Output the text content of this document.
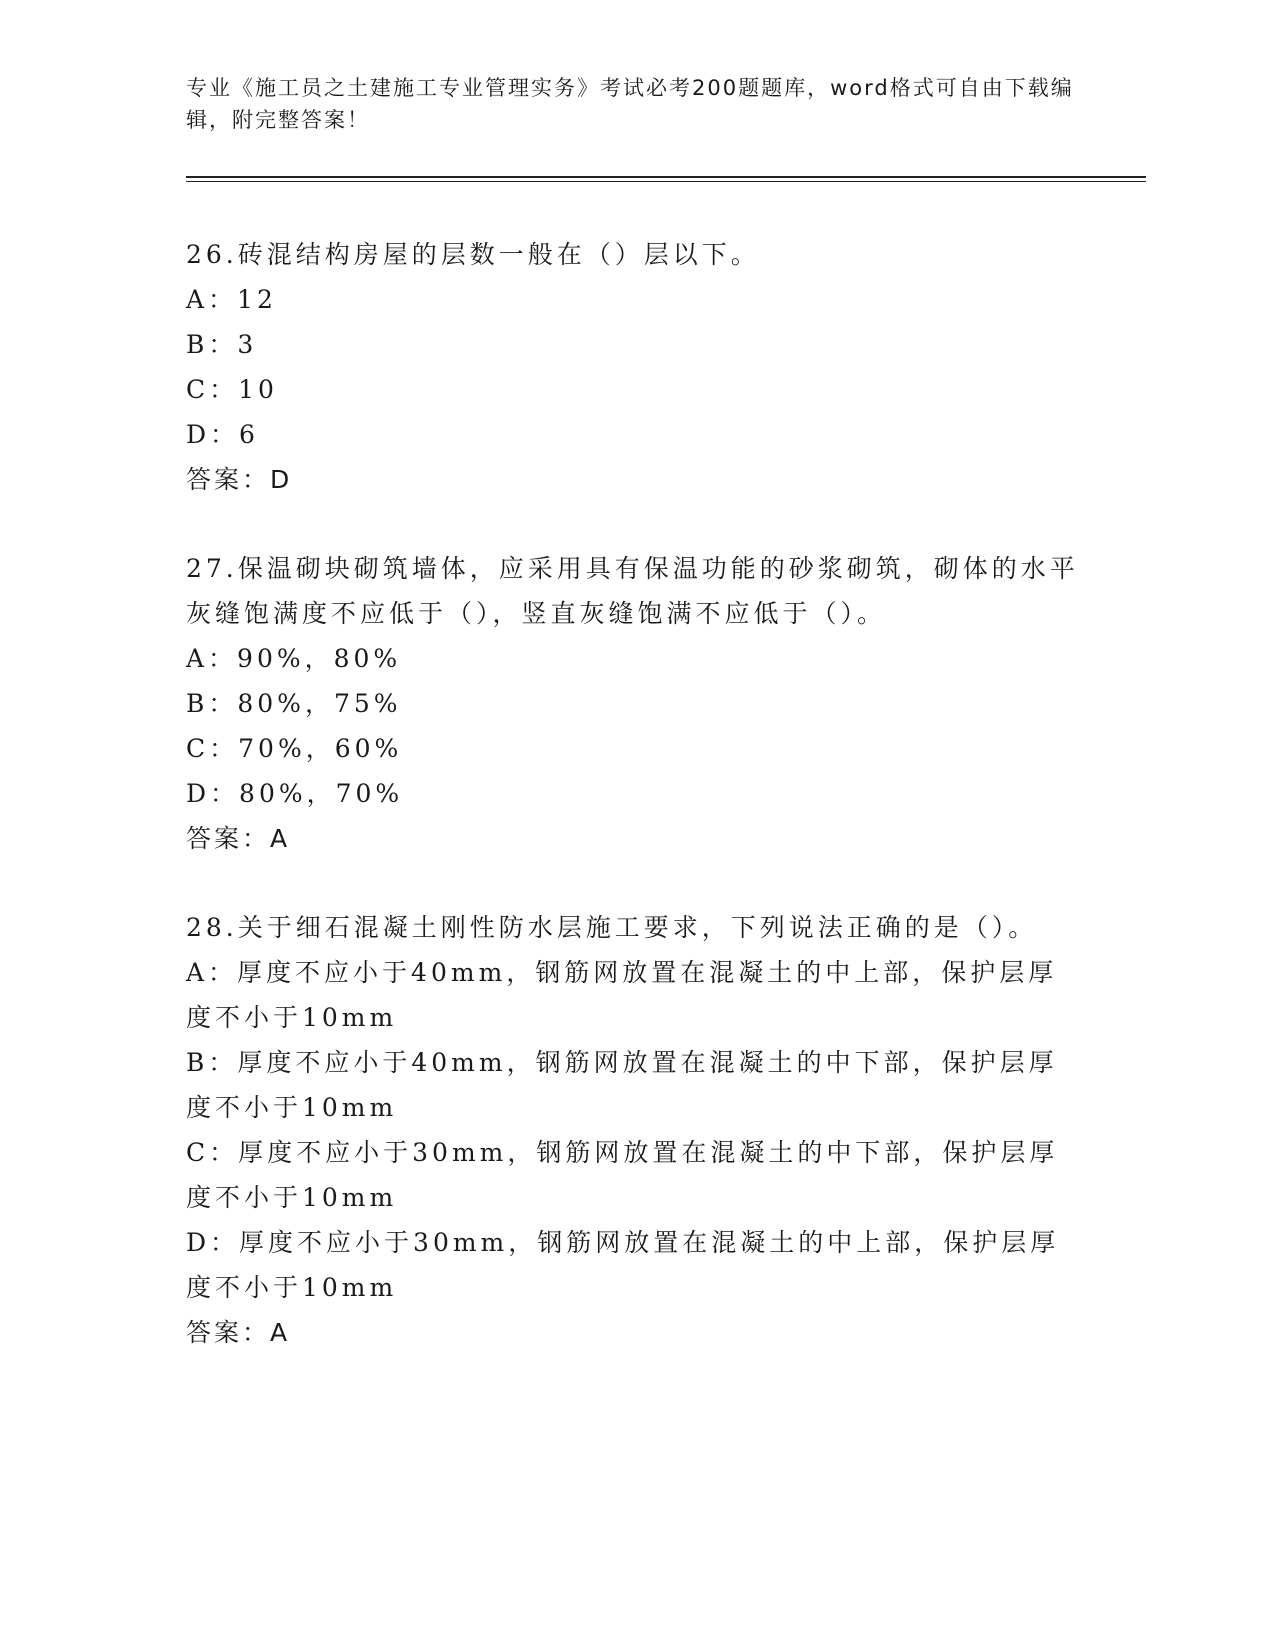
专业《施工员之土建施工专业管理实务》考试必考200题题库，word格式可自由下载编辑，附完整答案！
26.砖混结构房屋的层数一般在（）层以下。
A：12
B：3
C：10
D：6
答案：D
27.保温砌块砌筑墙体，应采用具有保温功能的砂浆砌筑，砌体的水平灰缝饱满度不应低于（），竖直灰缝饱满不应低于（）。
A：90%，80%
B：80%，75%
C：70%，60%
D：80%，70%
答案：A
28.关于细石混凝土刚性防水层施工要求，下列说法正确的是（）。
A：厚度不应小于40mm，钢筋网放置在混凝土的中上部，保护层厚度不小于10mm
B：厚度不应小于40mm，钢筋网放置在混凝土的中下部，保护层厚度不小于10mm
C：厚度不应小于30mm，钢筋网放置在混凝土的中下部，保护层厚度不小于10mm
D：厚度不应小于30mm，钢筋网放置在混凝土的中上部，保护层厚度不小于10mm
答案：A
